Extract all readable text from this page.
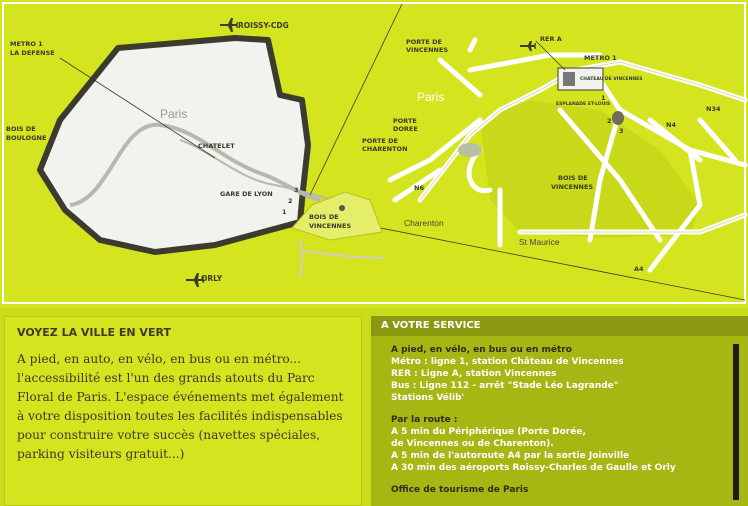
ROISSY-CDG
METRO 1
LA DEFENSE
BOIS DE
BOULOGNE
Paris
CHATELET
GARE DE LYON	3
2
1
BOIS DE
VINCENNES
ORLY
PORTE DE
VINCENNES
RER A
METRO 1
Paris
PORTE
DOREE
PORTE DE
CHARENTON
N6
Charenton
St Maurice
BOIS DE
VINCENNES
N34
N4
A4
CHATEAU DE VINCENNES
ESPLANADE ST-LOUIS
1
2
3
VOYEZ LA VILLE EN VERT
A pied, en auto, en vélo, en bus ou en métro... l'accessibilité est l'un des grands atouts du Parc Floral de Paris. L'espace événements met également à votre disposition toutes les facilités indispensables pour construire votre succès (navettes spéciales, parking visiteurs gratuit...)
A VOTRE SERVICE
A pied, en vélo, en bus ou en métro
Métro : ligne 1, station Château de Vincennes
RER : Ligne A, station Vincennes
Bus : Ligne 112 - arrêt "Stade Léo Lagrande"
Stations Vélib'
Par la route :
A 5 min du Périphérique (Porte Dorée,
de Vincennes ou de Charenton).
A 5 min de l'autoroute A4 par la sortie Joinville
A 30 min des aéroports Roissy-Charles de Gaulle et Orly
Office de tourisme de Paris
